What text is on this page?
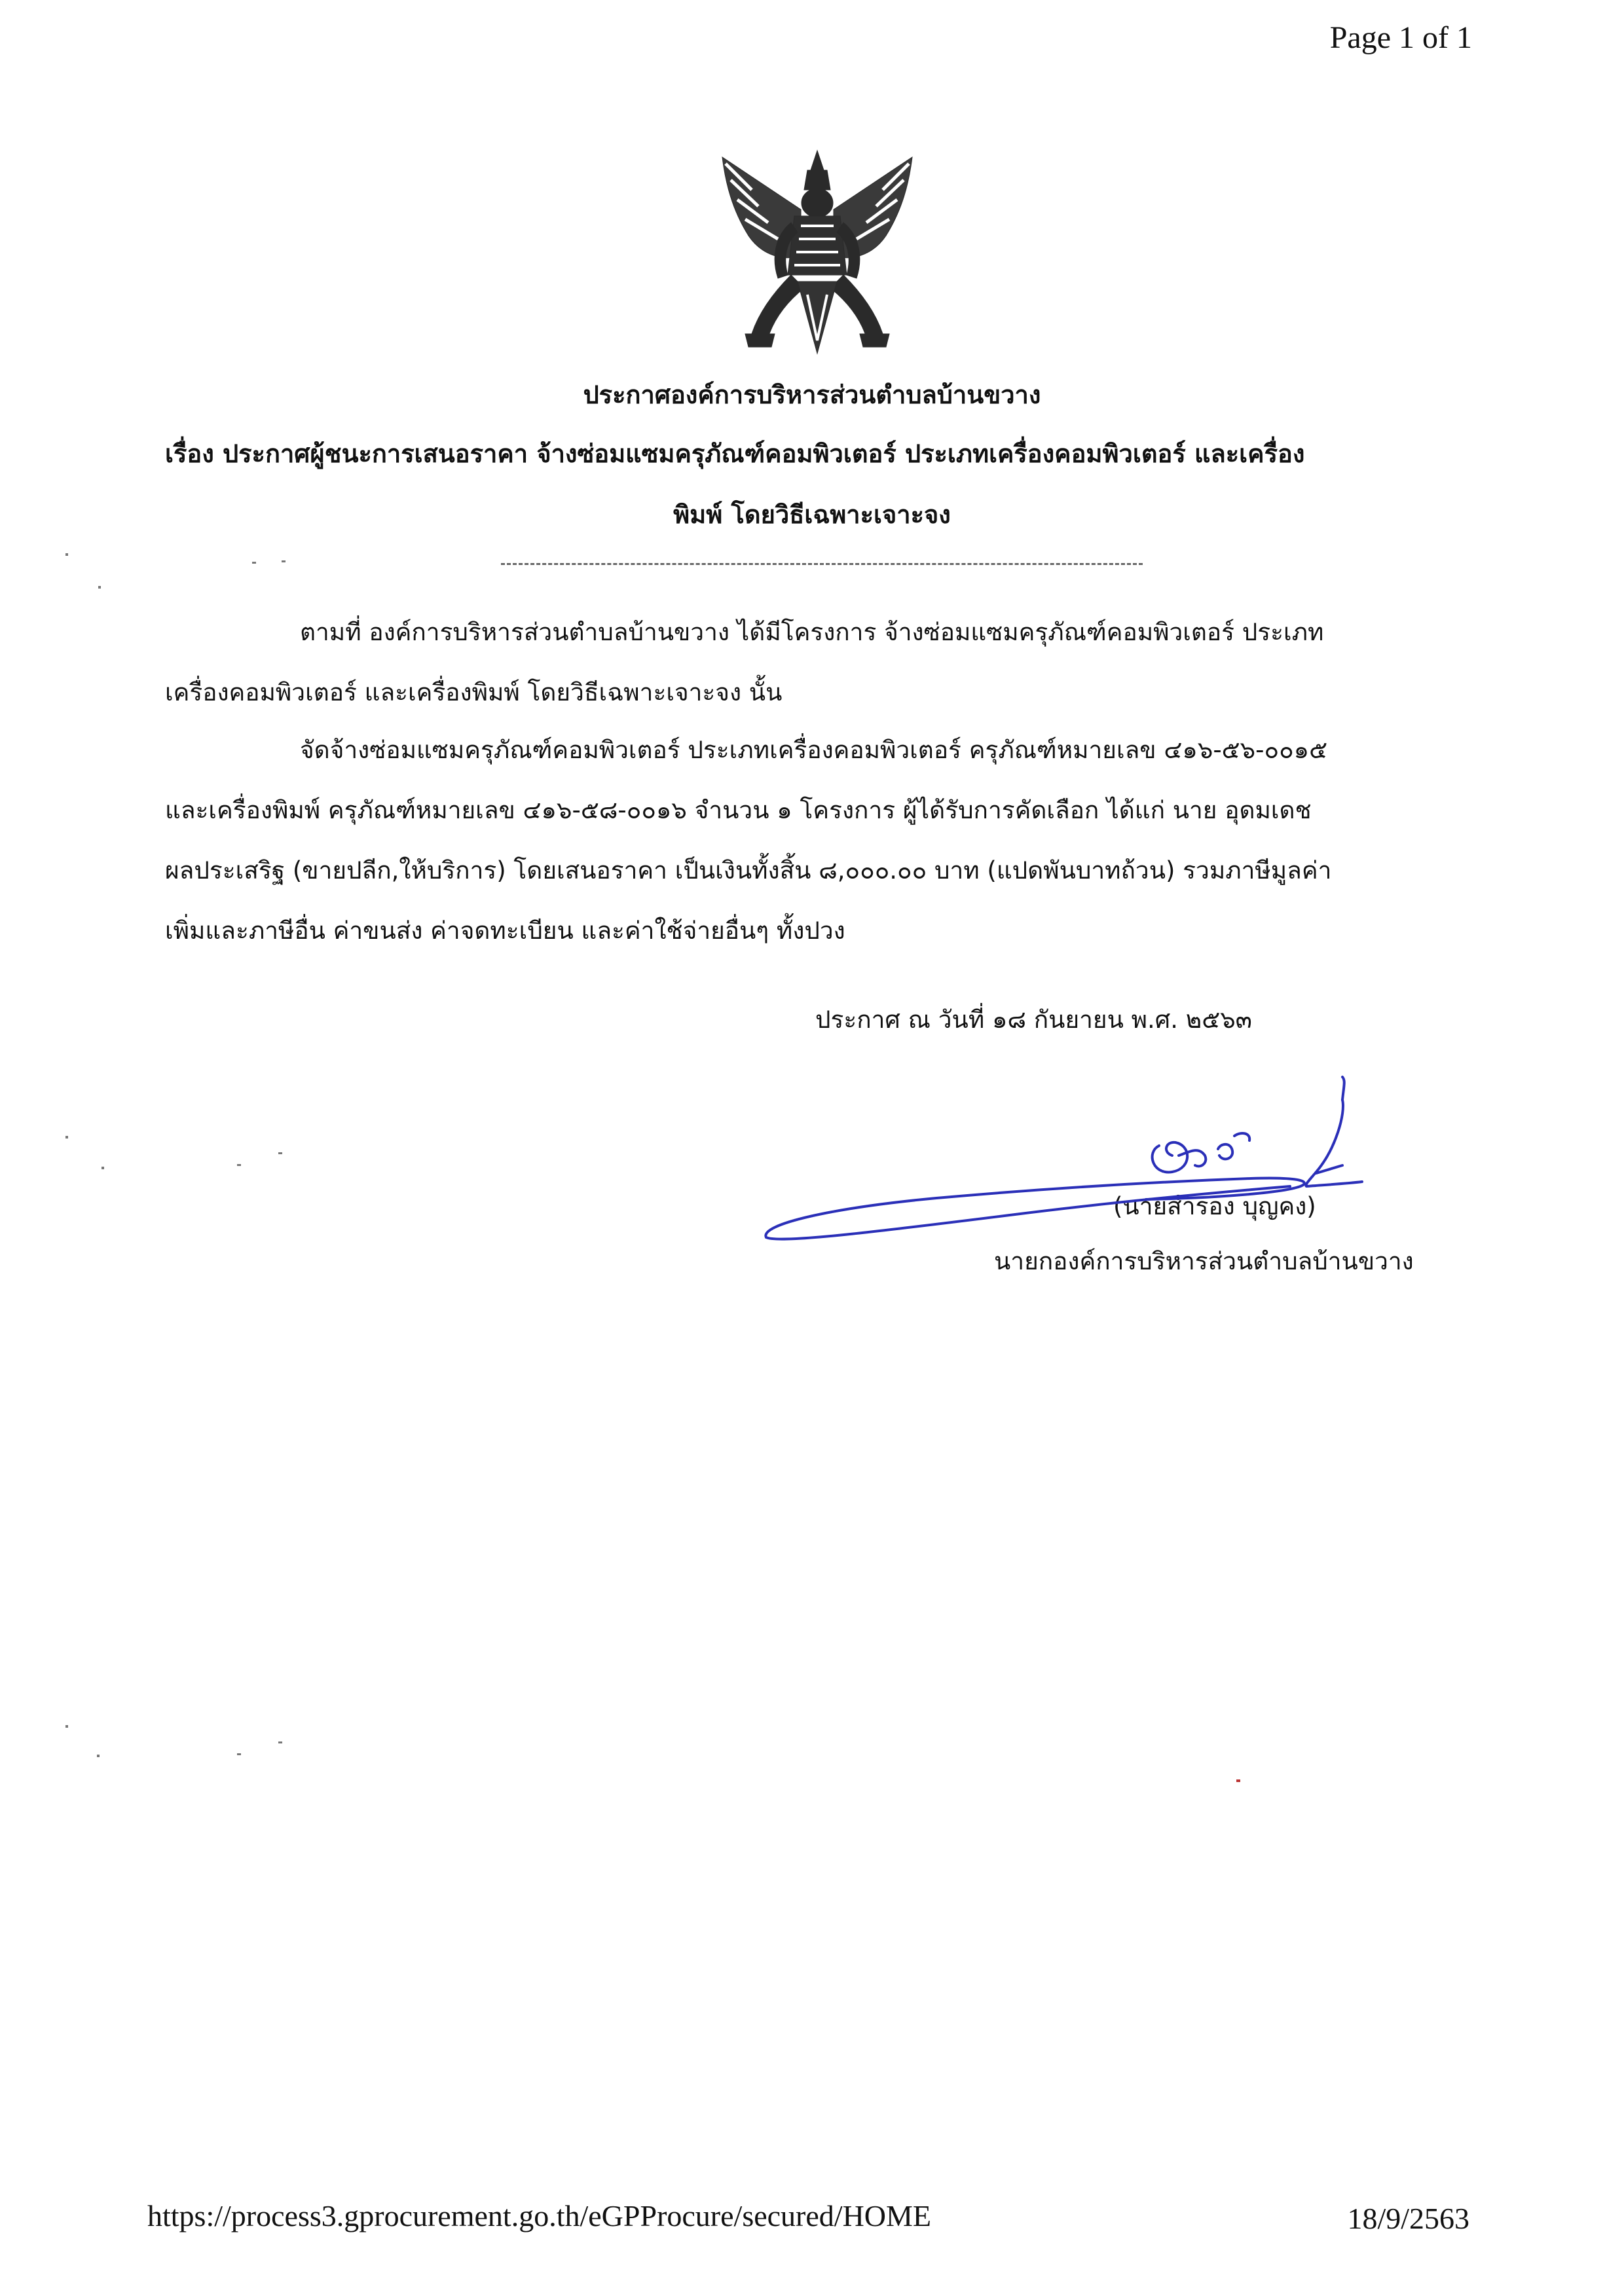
Page 1 of 1
ประกาศองค์การบริหารส่วนตำบลบ้านขวาง
เรื่อง ประกาศผู้ชนะการเสนอราคา จ้างซ่อมแซมครุภัณฑ์คอมพิวเตอร์ ประเภทเครื่องคอมพิวเตอร์ และเครื่อง
พิมพ์ โดยวิธีเฉพาะเจาะจง
ตามที่ องค์การบริหารส่วนตำบลบ้านขวาง ได้มีโครงการ จ้างซ่อมแซมครุภัณฑ์คอมพิวเตอร์ ประเภท
เครื่องคอมพิวเตอร์ และเครื่องพิมพ์ โดยวิธีเฉพาะเจาะจง นั้น
จัดจ้างซ่อมแซมครุภัณฑ์คอมพิวเตอร์ ประเภทเครื่องคอมพิวเตอร์ ครุภัณฑ์หมายเลข ๔๑๖-๕๖-๐๐๑๕
และเครื่องพิมพ์ ครุภัณฑ์หมายเลข ๔๑๖-๕๘-๐๐๑๖ จำนวน ๑ โครงการ ผู้ได้รับการคัดเลือก ได้แก่ นาย อุดมเดช
ผลประเสริฐ (ขายปลีก,ให้บริการ) โดยเสนอราคา เป็นเงินทั้งสิ้น ๘,๐๐๐.๐๐ บาท (แปดพันบาทถ้วน) รวมภาษีมูลค่า
เพิ่มและภาษีอื่น ค่าขนส่ง ค่าจดทะเบียน และค่าใช้จ่ายอื่นๆ ทั้งปวง
ประกาศ ณ วันที่ ๑๘ กันยายน พ.ศ. ๒๕๖๓
(นายสำรอง บุญคง)
นายกองค์การบริหารส่วนตำบลบ้านขวาง
https://process3.gprocurement.go.th/eGPProcure/secured/HOME	18/9/2563
